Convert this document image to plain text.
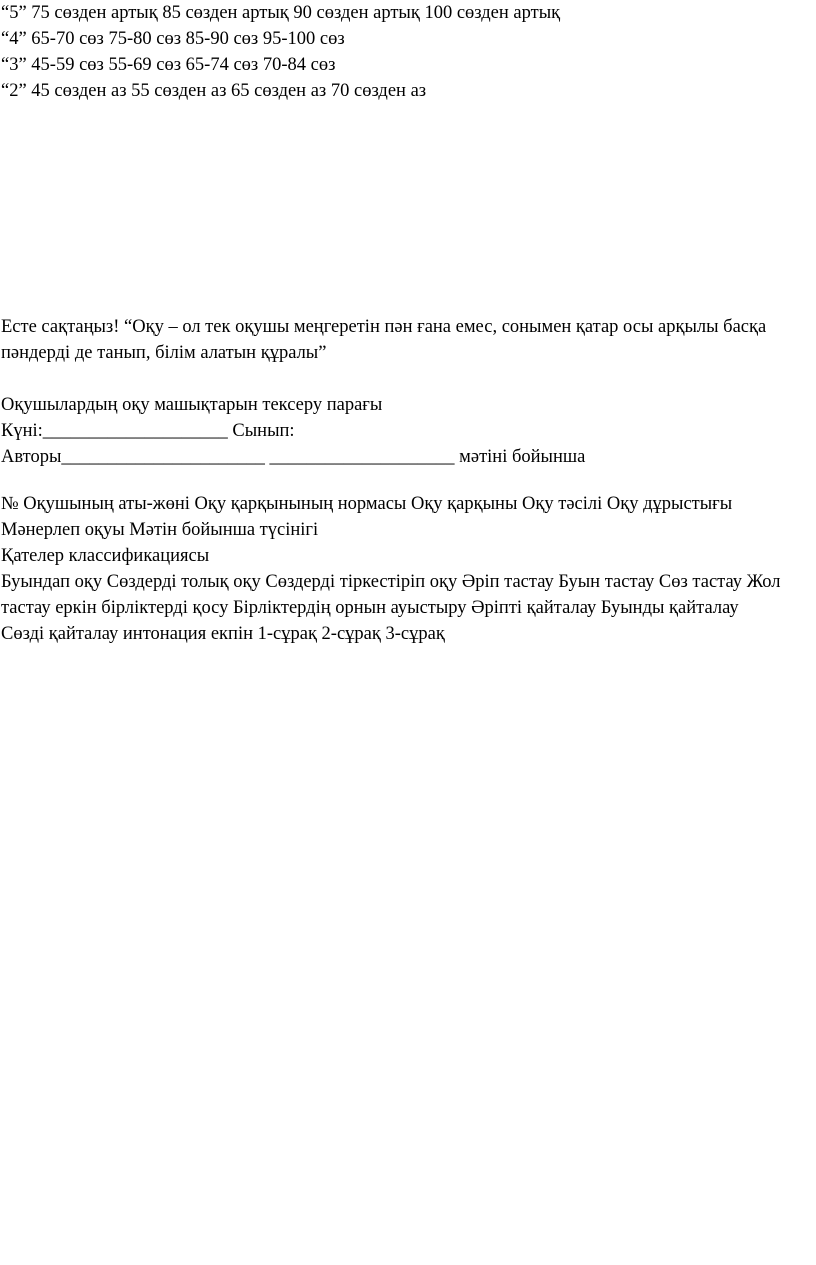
“5” 75 сөзден артық 85 сөзден артық 90 сөзден артық 100 сөзден артық
“4” 65-70 сөз 75-80 сөз 85-90 сөз 95-100 сөз
“3” 45-59 сөз 55-69 сөз 65-74 сөз 70-84 сөз
“2” 45 сөзден аз 55 сөзден аз 65 сөзден аз 70 сөзден аз
Есте сақтаңыз! “Оқу – ол тек оқушы меңгеретін пән ғана емес, сонымен қатар осы арқылы басқа
пәндерді де танып, білім алатын құралы”
Оқушылардың оқу машықтарын тексеру парағы
Күні:____________________ Сынып:
Авторы______________________ ____________________ мәтіні бойынша
№ Оқушының аты-жөні Оқу қарқынының нормасы Оқу қарқыны Оқу тәсілі Оқу дұрыстығы
Мәнерлеп оқуы Мәтін бойынша түсінігі
Қателер классификациясы
Буындап оқу Сөздерді толық оқу Сөздерді тіркестіріп оқу Әріп тастау Буын тастау Сөз тастау Жол
тастау еркін бірліктерді қосу Бірліктердің орнын ауыстыру Әріпті қайталау Буынды қайталау
Сөзді қайталау интонация екпін 1-сұрақ 2-сұрақ 3-сұрақ
